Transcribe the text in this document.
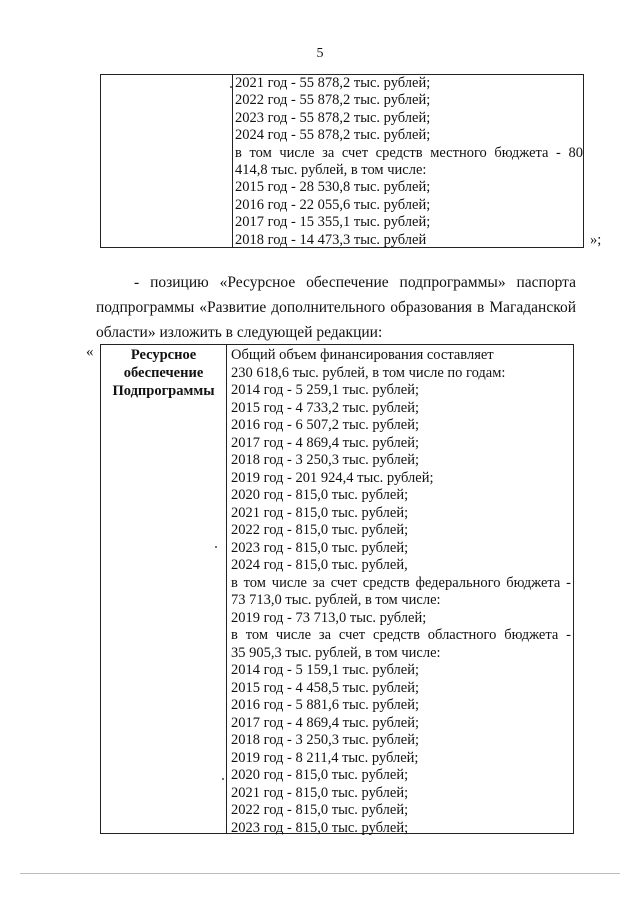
5
2021 год - 55 878,2 тыс. рублей;
2022 год - 55 878,2 тыс. рублей;
2023 год - 55 878,2 тыс. рублей;
2024 год - 55 878,2 тыс. рублей;
в том числе за счет средств местного бюджета - 80
414,8 тыс. рублей, в том числе:
2015 год - 28 530,8 тыс. рублей;
2016 год - 22 055,6 тыс. рублей;
2017 год - 15 355,1 тыс. рублей;
2018 год - 14 473,3 тыс. рублей	»;
- позицию «Ресурсное обеспечение подпрограммы» паспорта
подпрограммы «Развитие дополнительного образования в Магаданской
области» изложить в следующей редакции:
«	Ресурсное
обеспечение
Подпрограммы
Общий объем финансирования составляет
230 618,6 тыс. рублей, в том числе по годам:
2014 год - 5 259,1 тыс. рублей;
2015 год - 4 733,2 тыс. рублей;
2016 год - 6 507,2 тыс. рублей;
2017 год - 4 869,4 тыс. рублей;
2018 год - 3 250,3 тыс. рублей;
2019 год - 201 924,4 тыс. рублей;
2020 год - 815,0 тыс. рублей;
2021 год - 815,0 тыс. рублей;
2022 год - 815,0 тыс. рублей;
2023 год - 815,0 тыс. рублей;
2024 год - 815,0 тыс. рублей,
в том числе за счет средств федерального бюджета -
73 713,0 тыс. рублей, в том числе:
2019 год - 73 713,0 тыс. рублей;
в том числе за счет средств областного бюджета -
35 905,3 тыс. рублей, в том числе:
2014 год - 5 159,1 тыс. рублей;
2015 год - 4 458,5 тыс. рублей;
2016 год - 5 881,6 тыс. рублей;
2017 год - 4 869,4 тыс. рублей;
2018 год - 3 250,3 тыс. рублей;
2019 год - 8 211,4 тыс. рублей;
2020 год - 815,0 тыс. рублей;
2021 год - 815,0 тыс. рублей;
2022 год - 815,0 тыс. рублей;
2023 год - 815,0 тыс. рублей;
